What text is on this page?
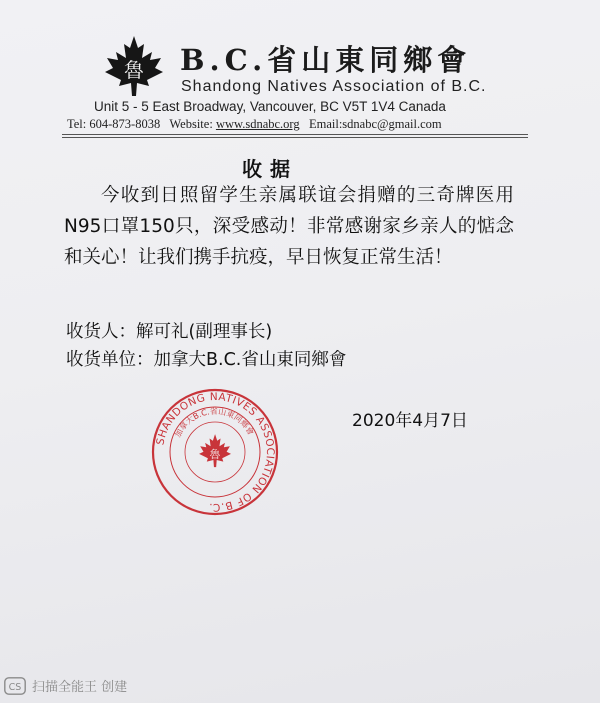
魯 B.C.省山東同鄉會
Shandong Natives Association of B.C.
Unit 5 - 5 East Broadway, Vancouver, BC V5T 1V4 Canada
Tel: 604-873-8038 Website: www.sdnabc.org Email:sdnabc@gmail.com
收据
今收到日照留学生亲属联谊会捐赠的三奇牌医用N95口罩150只，深受感动！非常感谢家乡亲人的惦念和关心！让我们携手抗疫，早日恢复正常生活！
收货人：解可礼(副理事长)
收货单位：加拿大B.C.省山東同鄉會
2020年4月7日
SHANDONG NATIVES ASSOCIATION OF B.C.
加拿大B.C.省山東同鄉會
魯
CS 扫描全能王 创建
